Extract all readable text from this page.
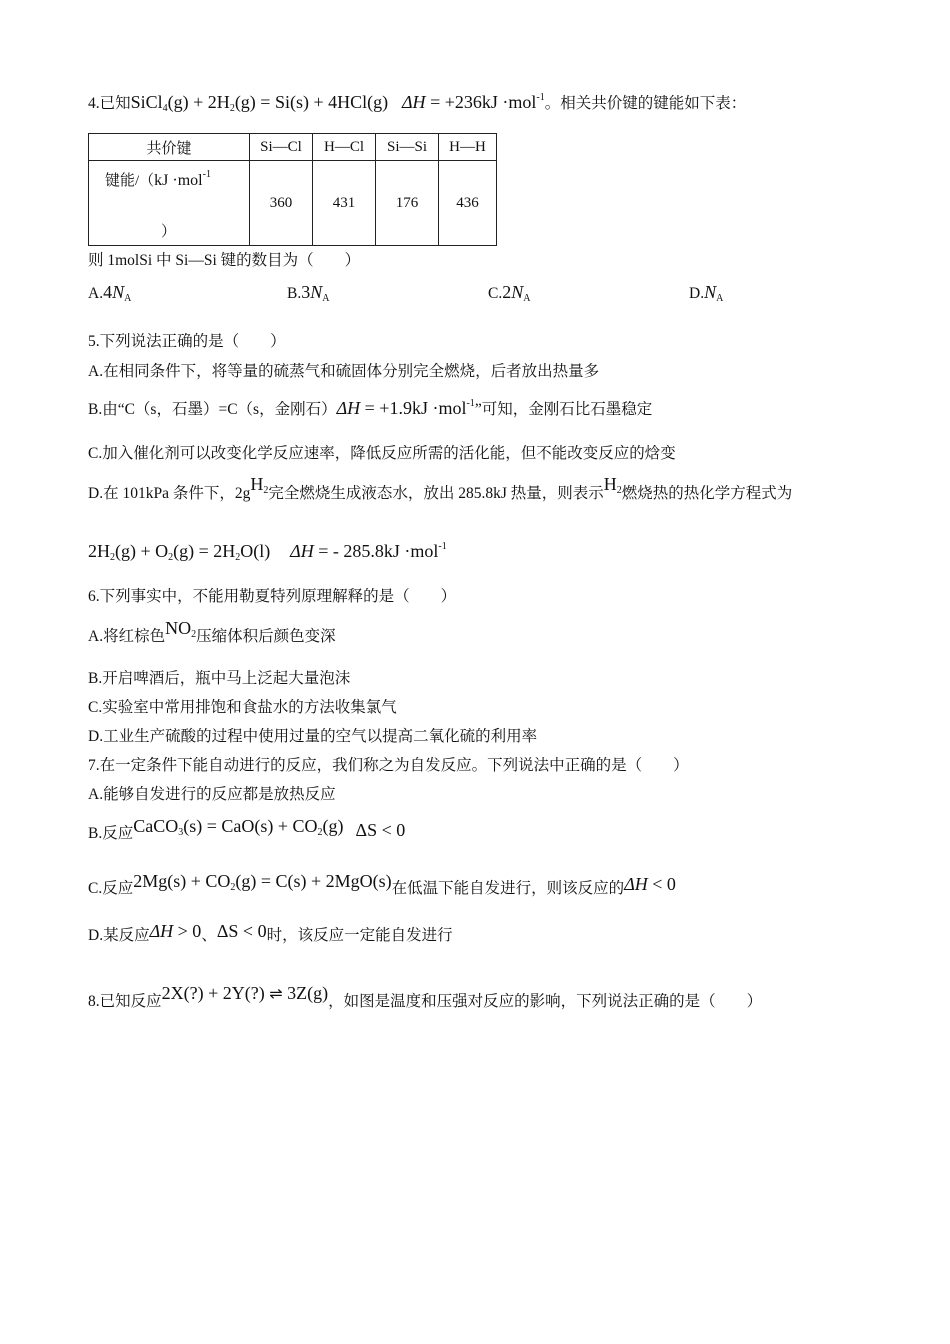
4.已知SiCl$_4$(g) + $2H_2(g) = Si(s) + 4HCl(g) \Delta H = +236kJ \cdot mol^{-1}$。相关共价键的键能如下表：
共价键	Si—Cl	H—Cl	Si—Si	H—H

键能/（kJ ·mol$^{-1}$
）	360	431	176	436
则 1molSi 中 Si—Si 键的数目为（　　）
$A.4N_A$	$B.3N_A$	$C.2N_A$	$D.N_A$
5.下列说法正确的是（　　）
A.在相同条件下，将等量的硫蒸气和硫固体分别完全燃烧，后者放出热量多
B.由“C（s，石墨）=C（s，金刚石）ΔH = +1.9kJ ·mol$^{-1}$”可知，金刚石比石墨稳定
C.加入催化剂可以改变化学反应速率，降低反应所需的活化能，但不能改变反应的焓变
D.在 101kPa 条件下，$2gH_2$完全燃烧生成液态水，放出 285.8kJ 热量，则表示$H_2$燃烧热的热化学方程式为
$2H_2(g) + O_2(g) = 2H_2O(l) \Delta H$ = - 285.8kJ ·mol$^{-1}$
6.下列事实中，不能用勒夏特列原理解释的是（　　）
A.将红棕色$NO_2$压缩体积后颜色变深
B.开启啤酒后，瓶中马上泛起大量泡沫
C.实验室中常用排饱和食盐水的方法收集氯气
D.工业生产硫酸的过程中使用过量的空气以提高二氧化硫的利用率
7.在一定条件下能自动进行的反应，我们称之为自发反应。下列说法中正确的是（　　）
A.能够自发进行的反应都是放热反应
B.反应CaCO$_3$(s) = $CaO(s) + CO_2(g) \Delta S < 0$
C.反应$2Mg(s) + CO_2(g) = C(s) + 2MgO(s)$在低温下能自发进行，则该反应的ΔH < 0
D.某反应ΔH > 0、ΔS < 0时，该反应一定能自发进行
8.已知反应2X(?) + 2Y(?) ⇌ 3Z(g)，如图是温度和压强对反应的影响，下列说法正确的是（　　）
